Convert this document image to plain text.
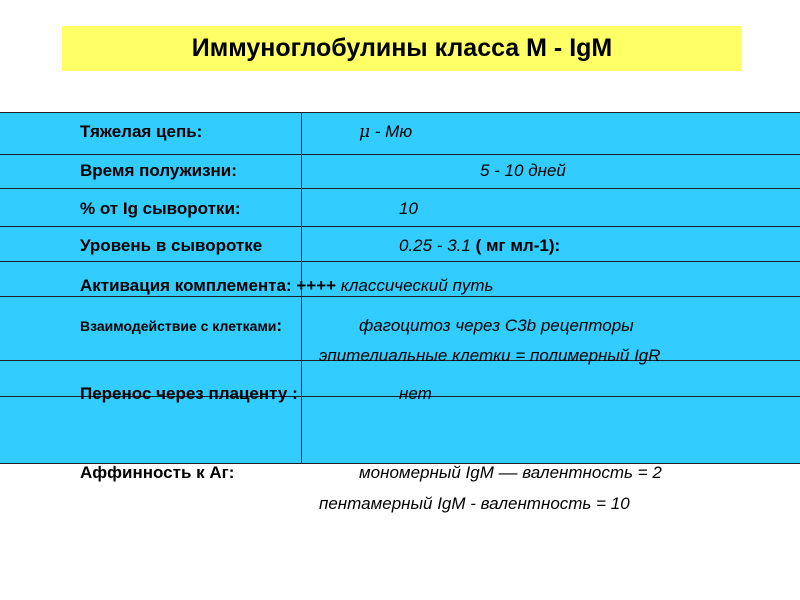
Иммуноглобулины класса M - IgM
Тяжелая цепь:	μ - Мю
Время полужизни:	5 - 10 дней
% от Ig сыворотки:	10
Уровень в сыворотке	0.25 - 3.1 ( мг мл-1):
Активация комплемента: ++++ классический путь
Взаимодействие с клетками:	фагоцитоз через C3b рецепторы
эпителиальные клетки = полимерный IgR
Перенос через плаценту :	нет
Аффинность к Аг:	мономерный IgM –– валентность = 2
пентамерный IgM - валентность = 10
